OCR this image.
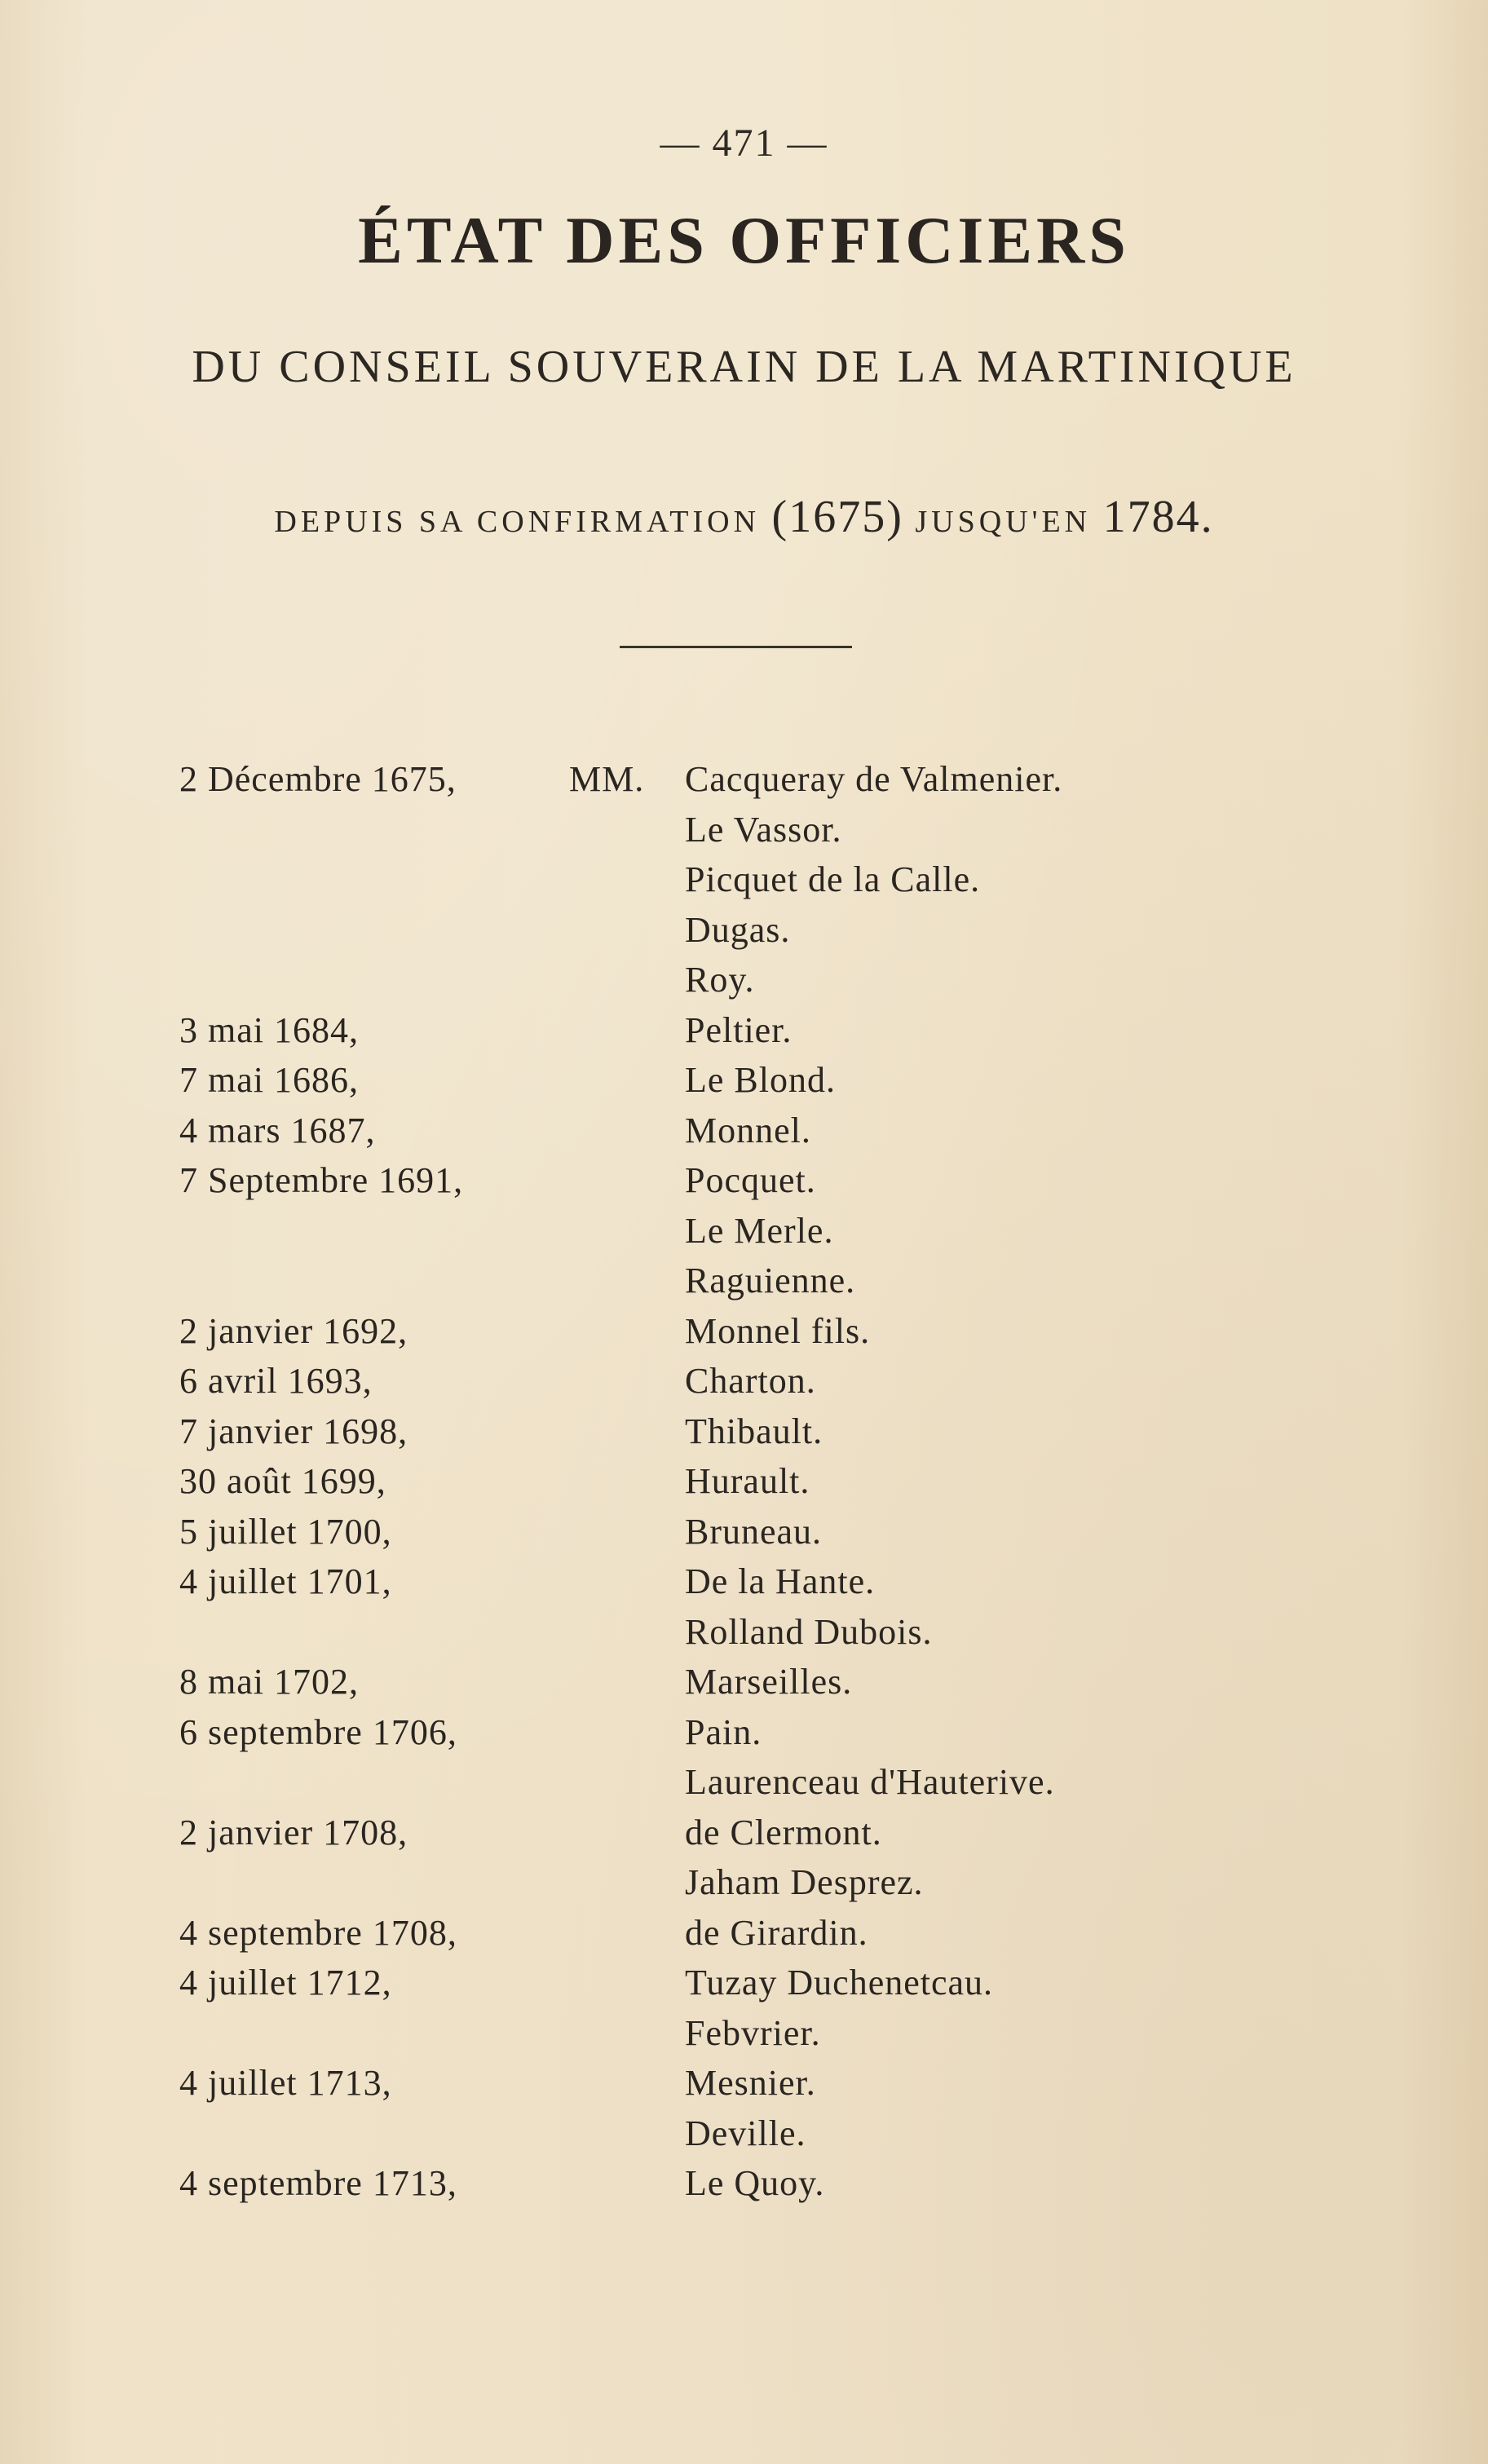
— 471 —
ÉTAT DES OFFICIERS
DU CONSEIL SOUVERAIN DE LA MARTINIQUE
DEPUIS SA CONFIRMATION (1675) JUSQU'EN 1784.
2 Décembre 1675,	MM. Cacqueray de Valmenier.
Le Vassor.
Picquet de la Calle.
Dugas.
Roy.
3 mai 1684,	Peltier.
7 mai 1686,	Le Blond.
4 mars 1687,	Monnel.
7 Septembre 1691,	Pocquet.
Le Merle.
Raguienne.
2 janvier 1692,	Monnel fils.
6 avril 1693,	Charton.
7 janvier 1698,	Thibault.
30 août 1699,	Hurault.
5 juillet 1700,	Bruneau.
4 juillet 1701,	De la Hante.
Rolland Dubois.
8 mai 1702,	Marseilles.
6 septembre 1706,	Pain.
Laurenceau d'Hauterive.
2 janvier 1708,	de Clermont.
Jaham Desprez.
4 septembre 1708,	de Girardin.
4 juillet 1712,	Tuzay Duchenetcau.
Febvrier.
4 juillet 1713,	Mesnier.
Deville.
4 septembre 1713,	Le Quoy.
